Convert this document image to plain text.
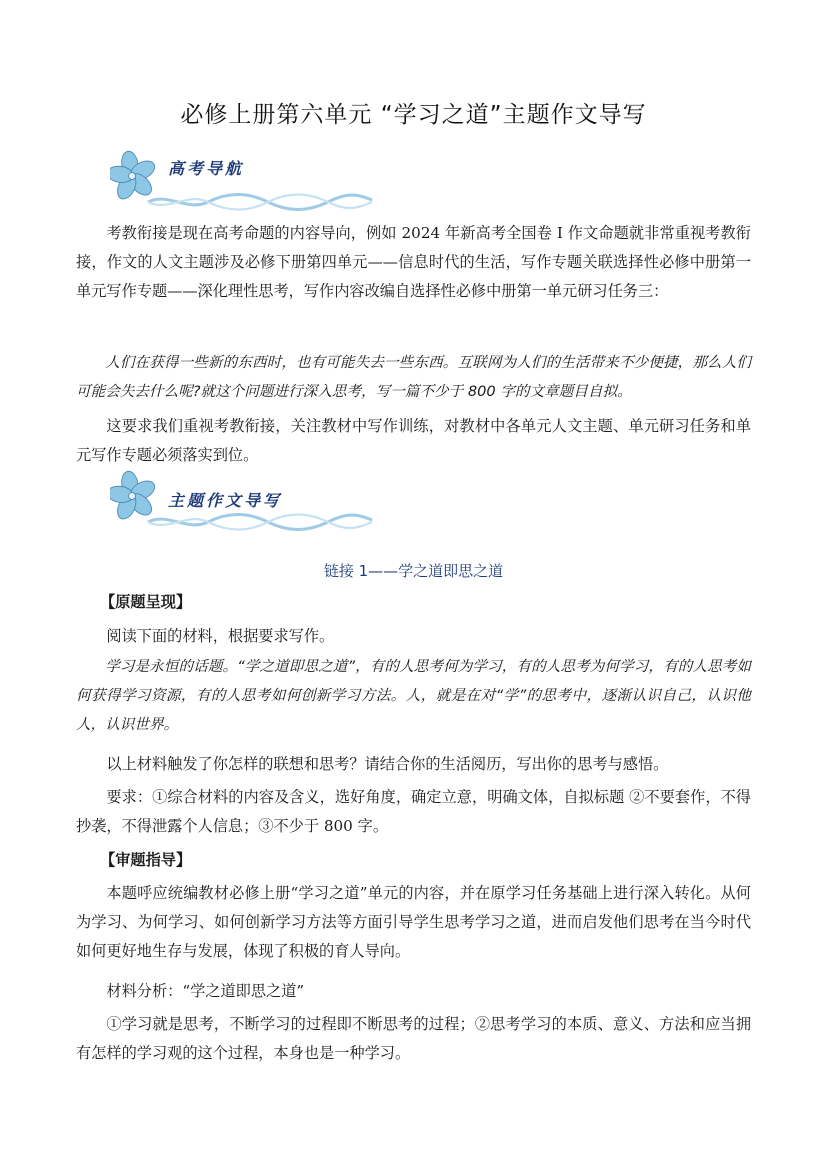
必修上册第六单元 “学习之道”主题作文导写
高考导航

考教衔接是现在高考命题的内容导向，例如 2024 年新高考全国卷 I 作文命题就非常重视考教衔接，作文的人文主题涉及必修下册第四单元——信息时代的生活，写作专题关联选择性必修中册第一单元写作专题——深化理性思考，写作内容改编自选择性必修中册第一单元研习任务三：

人们在获得一些新的东西时，也有可能失去一些东西。互联网为人们的生活带来不少便捷，那么人们可能会失去什么呢?就这个问题进行深入思考，写一篇不少于 800 字的文章题目自拟。

这要求我们重视考教衔接，关注教材中写作训练，对教材中各单元人文主题、单元研习任务和单元写作专题必须落实到位。

主题作文导写
链接 1——学之道即思之道
【原题呈现】

阅读下面的材料，根据要求写作。

学习是永恒的话题。“学之道即思之道”，有的人思考何为学习，有的人思考为何学习，有的人思考如何获得学习资源，有的人思考如何创新学习方法。人，就是在对“学”的思考中，逐渐认识自己，认识他人，认识世界。

以上材料触发了你怎样的联想和思考？请结合你的生活阅历，写出你的思考与感悟。

要求：①综合材料的内容及含义，选好角度，确定立意，明确文体，自拟标题 ②不要套作，不得抄袭，不得泄露个人信息；③不少于 800 字。

【审题指导】

本题呼应统编教材必修上册“学习之道”单元的内容，并在原学习任务基础上进行深入转化。从何为学习、为何学习、如何创新学习方法等方面引导学生思考学习之道，进而启发他们思考在当今时代如何更好地生存与发展，体现了积极的育人导向。

材料分析：“学之道即思之道”

①学习就是思考，不断学习的过程即不断思考的过程；②思考学习的本质、意义、方法和应当拥有怎样的学习观的这个过程，本身也是一种学习。
